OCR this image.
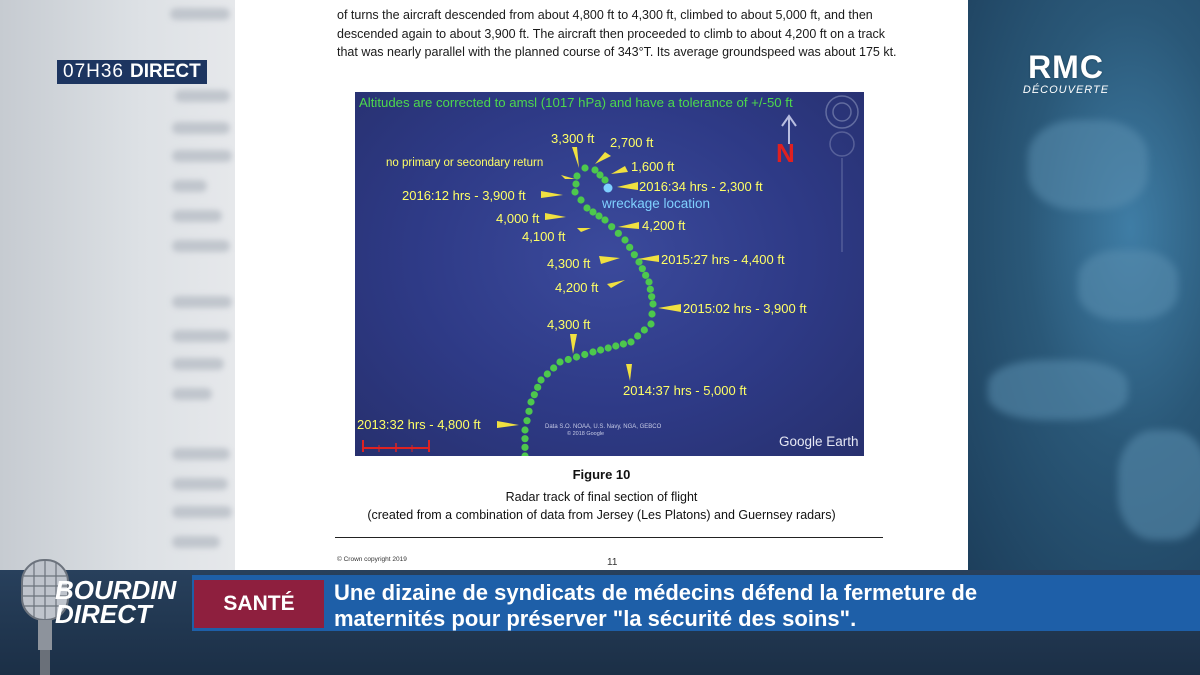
of turns the aircraft descended from about 4,800 ft to 4,300 ft, climbed to about 5,000 ft, and then descended again to about 3,900 ft. The aircraft then proceeded to climb to about 4,200 ft on a track that was nearly parallel with the planned course of 343°T. Its average groundspeed was about 175 kt.

N
Altitudes are corrected to amsl (1017 hPa) and have a tolerance of +/-50 ft
wreckage location
3,300 ft 2,700 ft
no primary or secondary return	1,600 ft
2016:34 hrs - 2,300 ft
2016:12 hrs - 3,900 ft
4,000 ft	4,200 ft
4,100 ft
4,300 ft	2015:27 hrs - 4,400 ft
4,200 ft
2015:02 hrs - 3,900 ft
4,300 ft
2014:37 hrs - 5,000 ft
2013:32 hrs - 4,800 ft	Data S.O. NOAA, U.S. Navy, NGA, GEBCO
© 2018 Google	Google Earth
Figure 10
Radar track of final section of flight
(created from a combination of data from Jersey (Les Platons) and Guernsey radars)
© Crown copyright 2019	11
07H36 DIRECT	RMC
DÉCOUVERTE
BOURDIN
DIRECT	SANTÉ	Une dizaine de syndicats de médecins défend la fermeture de
maternités pour préserver "la sécurité des soins".
